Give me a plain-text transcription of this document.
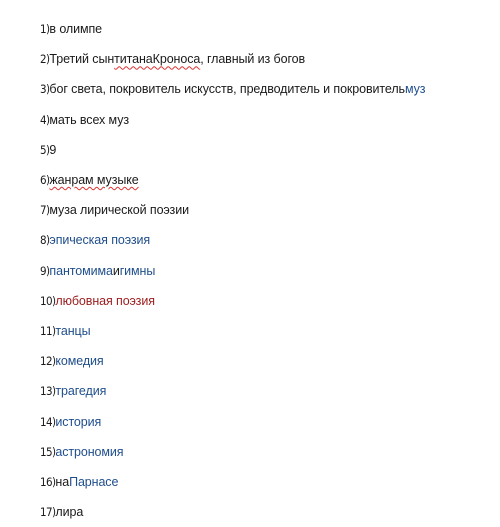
1) в олимпе
2) Третий сын титанаКроноса , главный из богов
3) бог света, покровитель искусств, предводитель и покровитель муз
4) мать всех муз
5) 9
6) жанрам музыке
7) муза лирической поэзии
8) эпическая поэзия
9) пантомима и гимны
10) любовная поэзия
11) танцы
12) комедия
13) трагедия
14) история
15) астрономия
16) на Парнасе
17) лира
